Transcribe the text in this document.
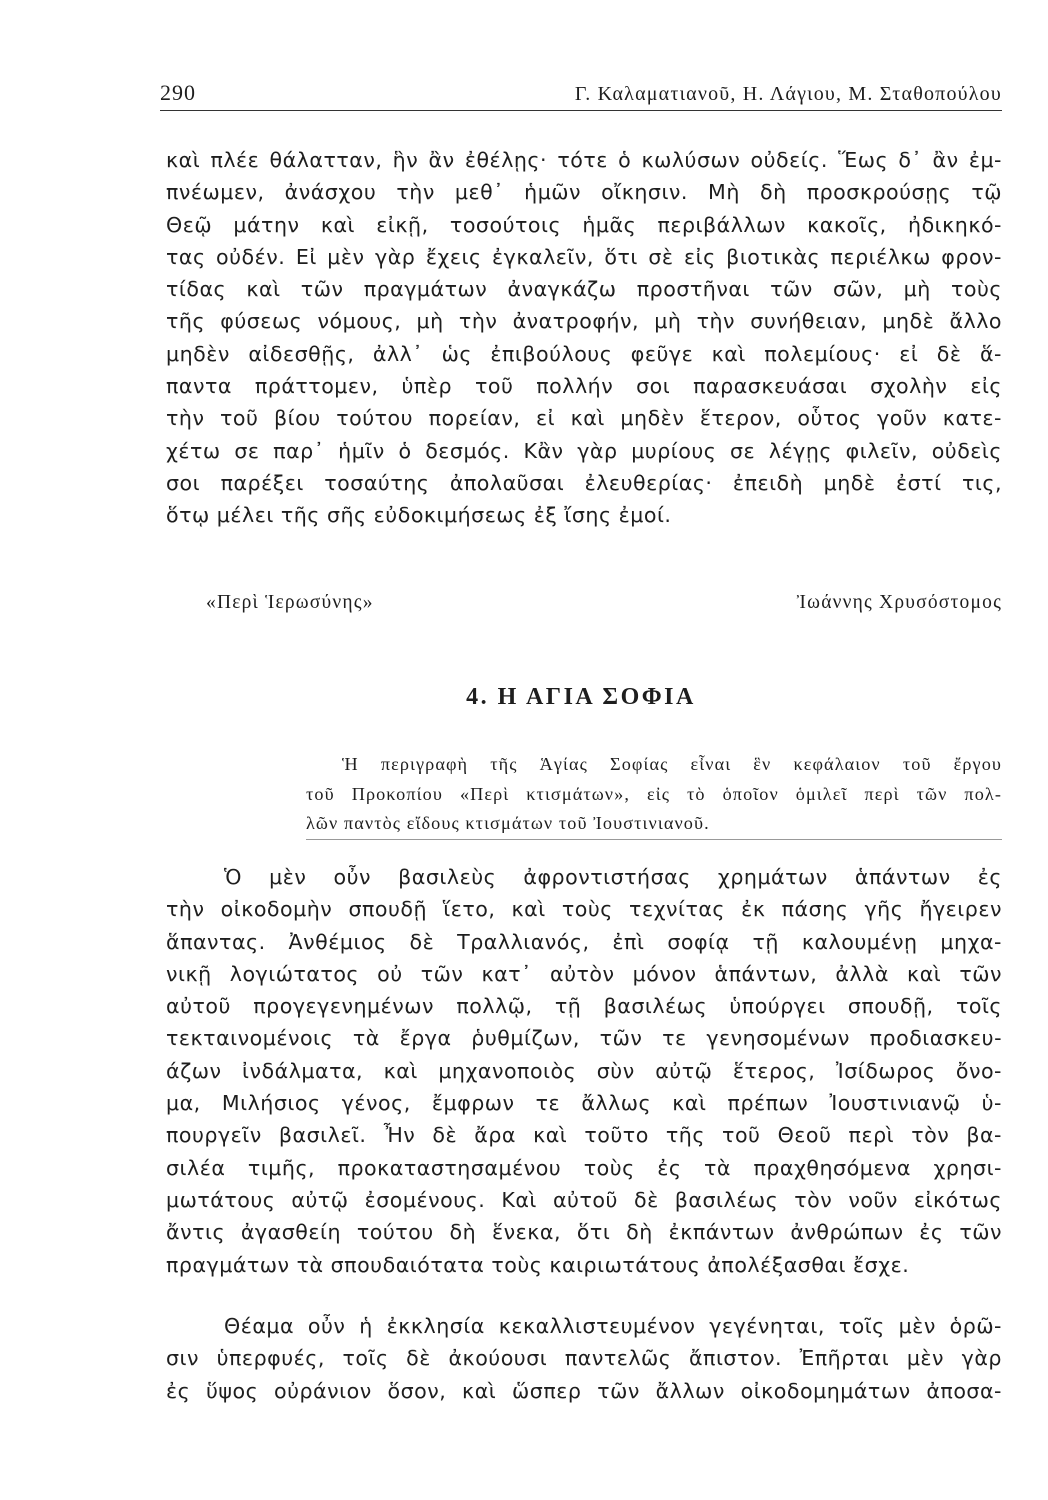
290	Γ. Καλαματιανοῦ, Η. Λάγιου, Μ. Σταθοπούλου
καὶ πλέε θάλατταν, ἣν ἂν ἐθέλῃς· τότε ὁ κωλύσων οὐδείς. Ἕως δ᾽ ἂν ἐμ-
πνέωμεν, ἀνάσχου τὴν μεθ᾽ ἡμῶν οἴκησιν. Μὴ δὴ προσκρούσῃς τῷ
Θεῷ μάτην καὶ εἰκῇ, τοσούτοις ἡμᾶς περιβάλλων κακοῖς, ἠδικηκό-
τας οὐδέν. Εἰ μὲν γὰρ ἔχεις ἐγκαλεῖν, ὅτι σὲ εἰς βιοτικὰς περιέλκω φρον-
τίδας καὶ τῶν πραγμάτων ἀναγκάζω προστῆναι τῶν σῶν, μὴ τοὺς
τῆς φύσεως νόμους, μὴ τὴν ἀνατροφήν, μὴ τὴν συνήθειαν, μηδὲ ἄλλο
μηδὲν αἰδεσθῇς, ἀλλ᾽ ὡς ἐπιβούλους φεῦγε καὶ πολεμίους· εἰ δὲ ἅ-
παντα πράττομεν, ὑπὲρ τοῦ πολλήν σοι παρασκευάσαι σχολὴν εἰς
τὴν τοῦ βίου τούτου πορείαν, εἰ καὶ μηδὲν ἕτερον, οὗτος γοῦν κατε-
χέτω σε παρ᾽ ἡμῖν ὁ δεσμός. Κἂν γὰρ μυρίους σε λέγῃς φιλεῖν, οὐδεὶς
σοι παρέξει τοσαύτης ἀπολαῦσαι ἐλευθερίας· ἐπειδὴ μηδὲ ἐστί τις,
ὅτῳ μέλει τῆς σῆς εὐδοκιμήσεως ἐξ ἴσης ἐμοί.
«Περὶ Ἱερωσύνης»	Ἰωάννης Χρυσόστομος
4. Η ΑΓΙΑ ΣΟΦΙΑ
Ἡ περιγραφὴ τῆς Ἁγίας Σοφίας εἶναι ἓν κεφάλαιον τοῦ ἔργου
τοῦ Προκοπίου «Περὶ κτισμάτων», εἰς τὸ ὁποῖον ὁμιλεῖ περὶ τῶν πολ-
λῶν παντὸς εἴδους κτισμάτων τοῦ Ἰουστινιανοῦ.
Ὁ μὲν οὖν βασιλεὺς ἀφροντιστήσας χρημάτων ἁπάντων ἐς
τὴν οἰκοδομὴν σπουδῇ ἵετο, καὶ τοὺς τεχνίτας ἐκ πάσης γῆς ἤγειρεν
ἅπαντας. Ἀνθέμιος δὲ Τραλλιανός, ἐπὶ σοφίᾳ τῇ καλουμένῃ μηχα-
νικῇ λογιώτατος οὐ τῶν κατ᾽ αὐτὸν μόνον ἁπάντων, ἀλλὰ καὶ τῶν
αὐτοῦ προγεγενημένων πολλῷ, τῇ βασιλέως ὑπούργει σπουδῇ, τοῖς
τεκταινομένοις τὰ ἔργα ῥυθμίζων, τῶν τε γενησομένων προδιασκευ-
άζων ἰνδάλματα, καὶ μηχανοποιὸς σὺν αὐτῷ ἕτερος, Ἰσίδωρος ὄνο-
μα, Μιλήσιος γένος, ἔμφρων τε ἄλλως καὶ πρέπων Ἰουστινιανῷ ὑ-
πουργεῖν βασιλεῖ. Ἦν δὲ ἄρα καὶ τοῦτο τῆς τοῦ Θεοῦ περὶ τὸν βα-
σιλέα τιμῆς, προκαταστησαμένου τοὺς ἐς τὰ πραχθησόμενα χρησι-
μωτάτους αὐτῷ ἐσομένους. Καὶ αὐτοῦ δὲ βασιλέως τὸν νοῦν εἰκότως
ἄντις ἀγασθείη τούτου δὴ ἕνεκα, ὅτι δὴ ἐκπάντων ἀνθρώπων ἐς τῶν
πραγμάτων τὰ σπουδαιότατα τοὺς καιριωτάτους ἀπολέξασθαι ἔσχε.
Θέαμα οὖν ἡ ἐκκλησία κεκαλλιστευμένον γεγένηται, τοῖς μὲν ὁρῶ-
σιν ὑπερφυές, τοῖς δὲ ἀκούουσι παντελῶς ἄπιστον. Ἐπῆρται μὲν γὰρ
ἐς ὕψος οὐράνιον ὅσον, καὶ ὥσπερ τῶν ἄλλων οἰκοδομημάτων ἀποσα-
